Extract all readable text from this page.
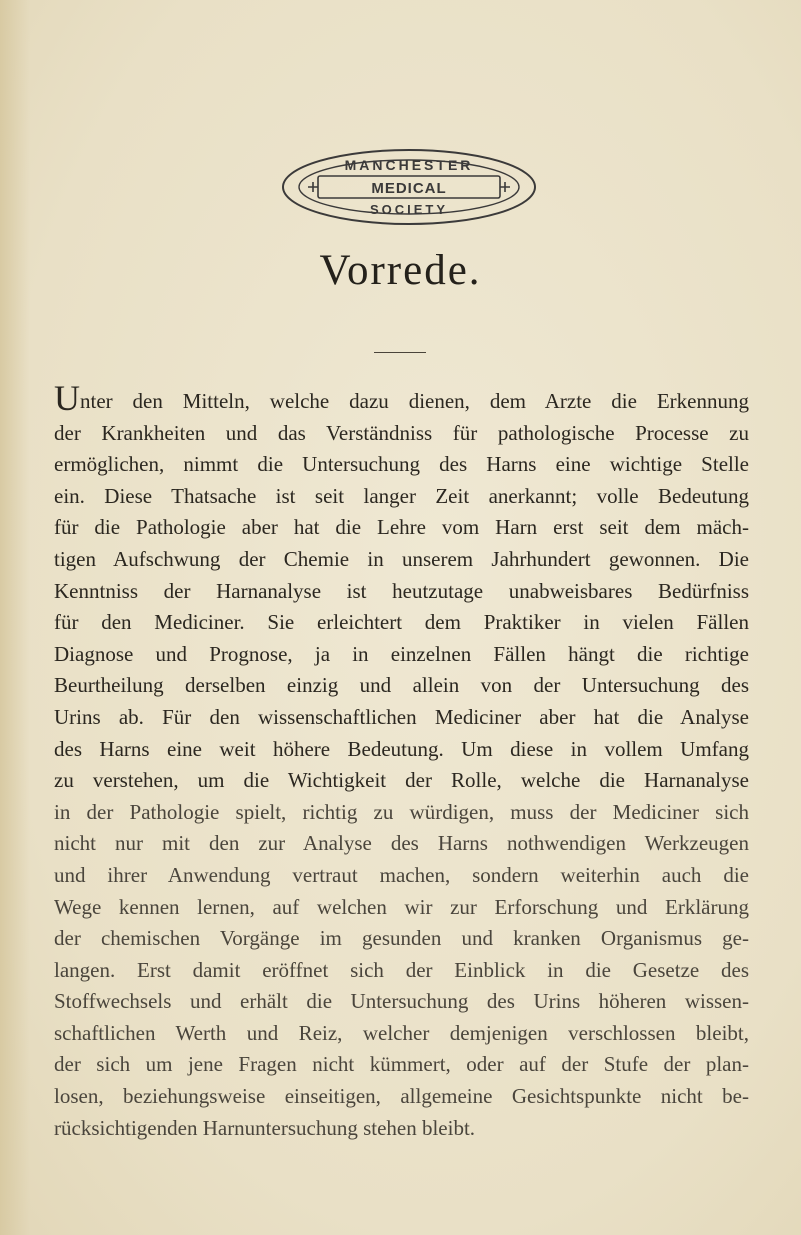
MANCHESTER
MEDICAL
SOCIETY
Vorrede.
Unter den Mitteln, welche dazu dienen, dem Arzte die Erkennung
der Krankheiten und das Verständniss für pathologische Processe zu
ermöglichen, nimmt die Untersuchung des Harns eine wichtige Stelle
ein. Diese Thatsache ist seit langer Zeit anerkannt; volle Bedeutung
für die Pathologie aber hat die Lehre vom Harn erst seit dem mäch-
tigen Aufschwung der Chemie in unserem Jahrhundert gewonnen. Die
Kenntniss der Harnanalyse ist heutzutage unabweisbares Bedürfniss
für den Mediciner. Sie erleichtert dem Praktiker in vielen Fällen
Diagnose und Prognose, ja in einzelnen Fällen hängt die richtige
Beurtheilung derselben einzig und allein von der Untersuchung des
Urins ab. Für den wissenschaftlichen Mediciner aber hat die Analyse
des Harns eine weit höhere Bedeutung. Um diese in vollem Umfang
zu verstehen, um die Wichtigkeit der Rolle, welche die Harnanalyse
in der Pathologie spielt, richtig zu würdigen, muss der Mediciner sich
nicht nur mit den zur Analyse des Harns nothwendigen Werkzeugen
und ihrer Anwendung vertraut machen, sondern weiterhin auch die
Wege kennen lernen, auf welchen wir zur Erforschung und Erklärung
der chemischen Vorgänge im gesunden und kranken Organismus ge-
langen. Erst damit eröffnet sich der Einblick in die Gesetze des
Stoffwechsels und erhält die Untersuchung des Urins höheren wissen-
schaftlichen Werth und Reiz, welcher demjenigen verschlossen bleibt,
der sich um jene Fragen nicht kümmert, oder auf der Stufe der plan-
losen, beziehungsweise einseitigen, allgemeine Gesichtspunkte nicht be-
rücksichtigenden Harnuntersuchung stehen bleibt.
